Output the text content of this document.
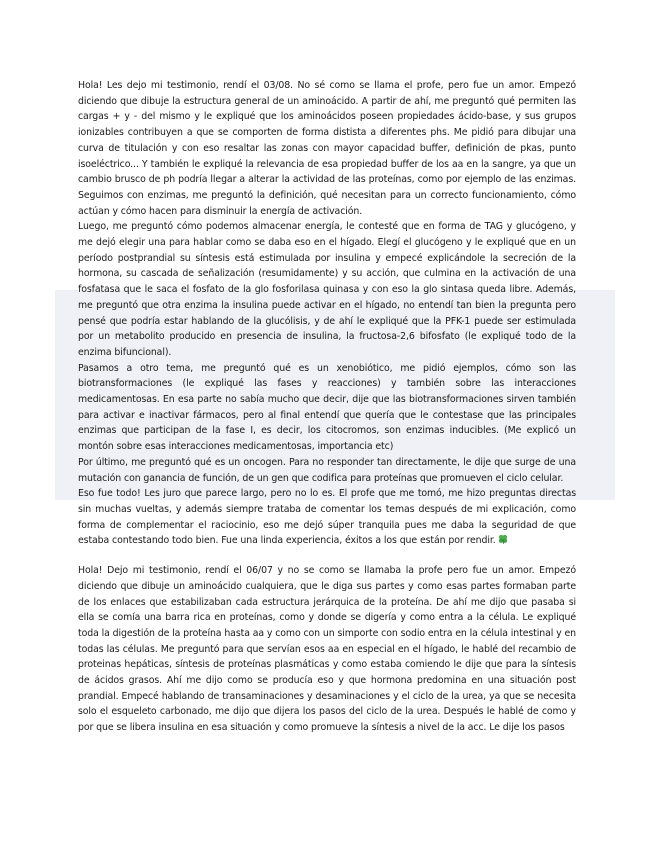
Hola! Les dejo mi testimonio, rendí el 03/08. No sé como se llama el profe, pero fue un amor. Empezó diciendo que dibuje la estructura general de un aminoácido. A partir de ahí, me preguntó qué permiten las cargas + y - del mismo y le expliqué que los aminoácidos poseen propiedades ácido-base, y sus grupos ionizables contribuyen a que se comporten de forma distista a diferentes phs. Me pidió para dibujar una curva de titulación y con eso resaltar las zonas con mayor capacidad buffer, definición de pkas, punto isoeléctrico... Y también le expliqué la relevancia de esa propiedad buffer de los aa en la sangre, ya que un cambio brusco de ph podría llegar a alterar la actividad de las proteínas, como por ejemplo de las enzimas. Seguimos con enzimas, me preguntó la definición, qué necesitan para un correcto funcionamiento, cómo actúan y cómo hacen para disminuir la energía de activación.

Luego, me preguntó cómo podemos almacenar energía, le contesté que en forma de TAG y glucógeno, y me dejó elegir una para hablar como se daba eso en el hígado. Elegí el glucógeno y le expliqué que en un período postprandial su síntesis está estimulada por insulina y empecé explicándole la secreción de la hormona, su cascada de señalización (resumidamente) y su acción, que culmina en la activación de una fosfatasa que le saca el fosfato de la glo fosforilasa quinasa y con eso la glo sintasa queda libre. Además, me preguntó que otra enzima la insulina puede activar en el hígado, no entendí tan bien la pregunta pero pensé que podría estar hablando de la glucólisis, y de ahí le expliqué que la PFK-1 puede ser estimulada por un metabolito producido en presencia de insulina, la fructosa-2,6 bifosfato (le expliqué todo de la enzima bifuncional).

Pasamos a otro tema, me preguntó qué es un xenobiótico, me pidió ejemplos, cómo son las biotransformaciones (le expliqué las fases y reacciones) y también sobre las interacciones medicamentosas. En esa parte no sabía mucho que decir, dije que las biotransformaciones sirven también para activar e inactivar fármacos, pero al final entendí que quería que le contestase que las principales enzimas que participan de la fase I, es decir, los citocromos, son enzimas inducibles. (Me explicó un montón sobre esas interacciones medicamentosas, importancia etc)

Por último, me preguntó qué es un oncogen. Para no responder tan directamente, le dije que surge de una mutación con ganancia de función, de un gen que codifica para proteínas que promueven el ciclo celular.

Eso fue todo! Les juro que parece largo, pero no lo es. El profe que me tomó, me hizo preguntas directas sin muchas vueltas, y además siempre trataba de comentar los temas después de mi explicación, como forma de complementar el raciocinio, eso me dejó súper tranquila pues me daba la seguridad de que estaba contestando todo bien. Fue una linda experiencia, éxitos a los que están por rendir.

Hola! Dejo mi testimonio, rendí el 06/07 y no se como se llamaba la profe pero fue un amor. Empezó diciendo que dibuje un aminoácido cualquiera, que le diga sus partes y como esas partes formaban parte de los enlaces que estabilizaban cada estructura jerárquica de la proteína. De ahí me dijo que pasaba si ella se comía una barra rica en proteínas, como y donde se digería y como entra a la célula. Le expliqué toda la digestión de la proteína hasta aa y como con un simporte con sodio entra en la célula intestinal y en todas las células. Me preguntó para que servían esos aa en especial en el hígado, le hablé del recambio de proteinas hepáticas, síntesis de proteínas plasmáticas y como estaba comiendo le dije que para la síntesis de ácidos grasos. Ahí me dijo como se producía eso y que hormona predomina en una situación post prandial. Empecé hablando de transaminaciones y desaminaciones y el ciclo de la urea, ya que se necesita solo el esqueleto carbonado, me dijo que dijera los pasos del ciclo de la urea. Después le hablé de como y por que se libera insulina en esa situación y como promueve la síntesis a nivel de la acc. Le dije los pasos
